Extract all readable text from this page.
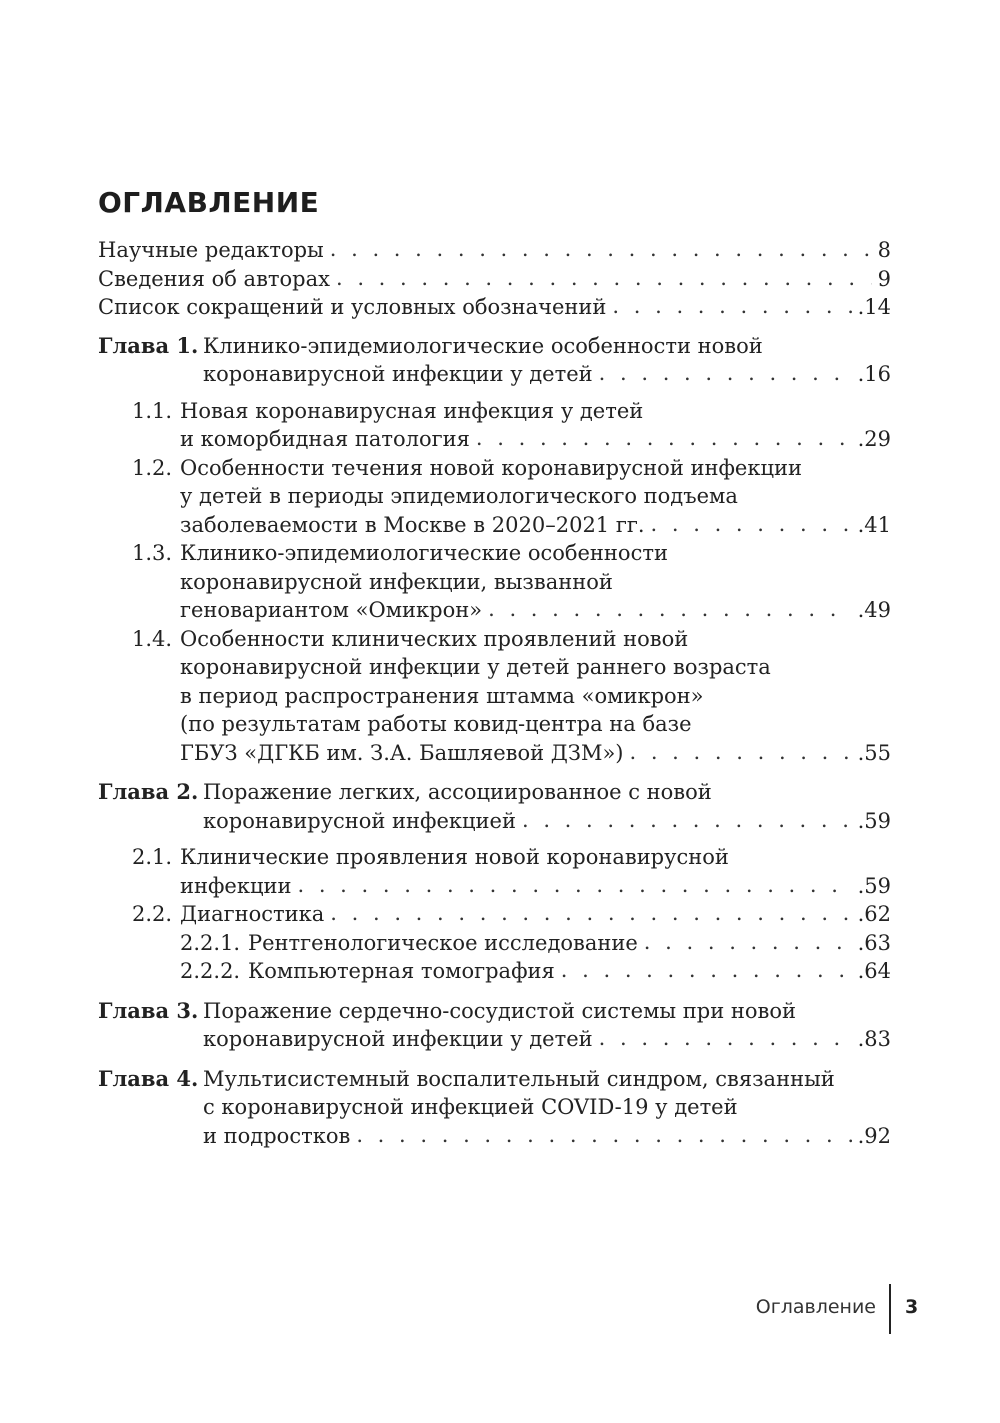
ОГЛАВЛЕНИЕ
Научные редакторы . . .	8
Сведения об авторах . . .	9
Список сокращений и условных обозначений . . .	.14
Глава 1. Клинико-эпидемиологические особенности новой
коронавирусной инфекции у детей . . .	.16
1.1. Новая коронавирусная инфекция у детей
и коморбидная патология . . .	.29
1.2. Особенности течения новой коронавирусной инфекции
у детей в периоды эпидемиологического подъема
заболеваемости в Москве в 2020–2021 гг. . . .	.41
1.3. Клинико-эпидемиологические особенности
коронавирусной инфекции, вызванной
геновариантом «Омикрон» . . .	.49
1.4. Особенности клинических проявлений новой
коронавирусной инфекции у детей раннего возраста
в период распространения штамма «омикрон»
(по результатам работы ковид-центра на базе
ГБУЗ «ДГКБ им. З.А. Башляевой ДЗМ») . . .	.55
Глава 2. Поражение легких, ассоциированное с новой
коронавирусной инфекцией . . .	.59
2.1. Клинические проявления новой коронавирусной
инфекции . . .	.59
2.2. Диагностика . . .	.62
2.2.1. Рентгенологическое исследование . . .	.63
2.2.2. Компьютерная томография . . .	.64
Глава 3. Поражение сердечно-сосудистой системы при новой
коронавирусной инфекции у детей . . .	.83
Глава 4. Мультисистемный воспалительный синдром, связанный
с коронавирусной инфекцией COVID-19 у детей
и подростков . . .	.92
Оглавление 3
